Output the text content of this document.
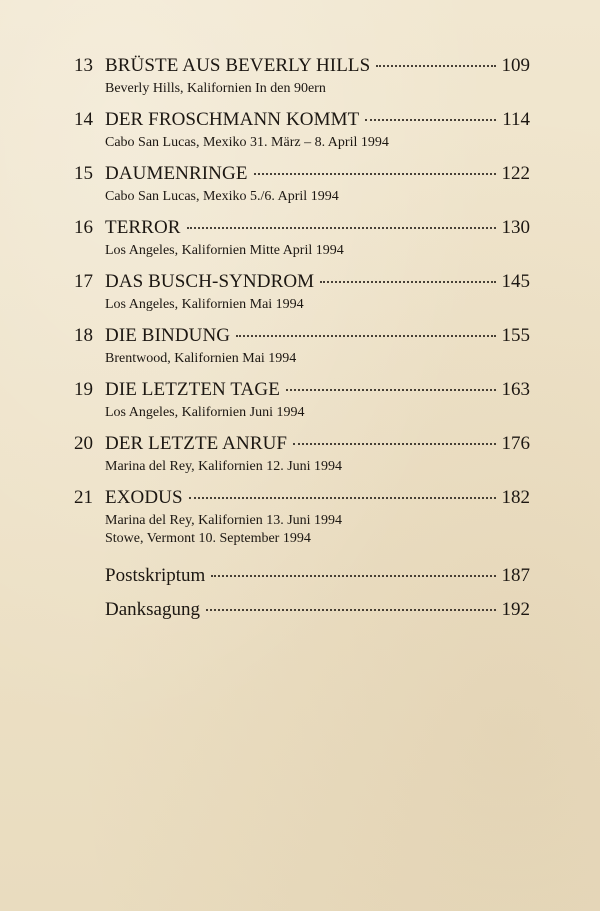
13 BRÜSTE AUS BEVERLY HILLS	109
Beverly Hills, Kalifornien In den 90ern
14 DER FROSCHMANN KOMMT	114
Cabo San Lucas, Mexiko 31. März – 8. April 1994
15 DAUMENRINGE	122
Cabo San Lucas, Mexiko 5./6. April 1994
16 TERROR	130
Los Angeles, Kalifornien Mitte April 1994
17 DAS BUSCH-SYNDROM	145
Los Angeles, Kalifornien Mai 1994
18 DIE BINDUNG	155
Brentwood, Kalifornien Mai 1994
19 DIE LETZTEN TAGE	163
Los Angeles, Kalifornien Juni 1994
20 DER LETZTE ANRUF	176
Marina del Rey, Kalifornien 12. Juni 1994
21 EXODUS	182
Marina del Rey, Kalifornien 13. Juni 1994
Stowe, Vermont 10. September 1994
Postskriptum	187
Danksagung	192
